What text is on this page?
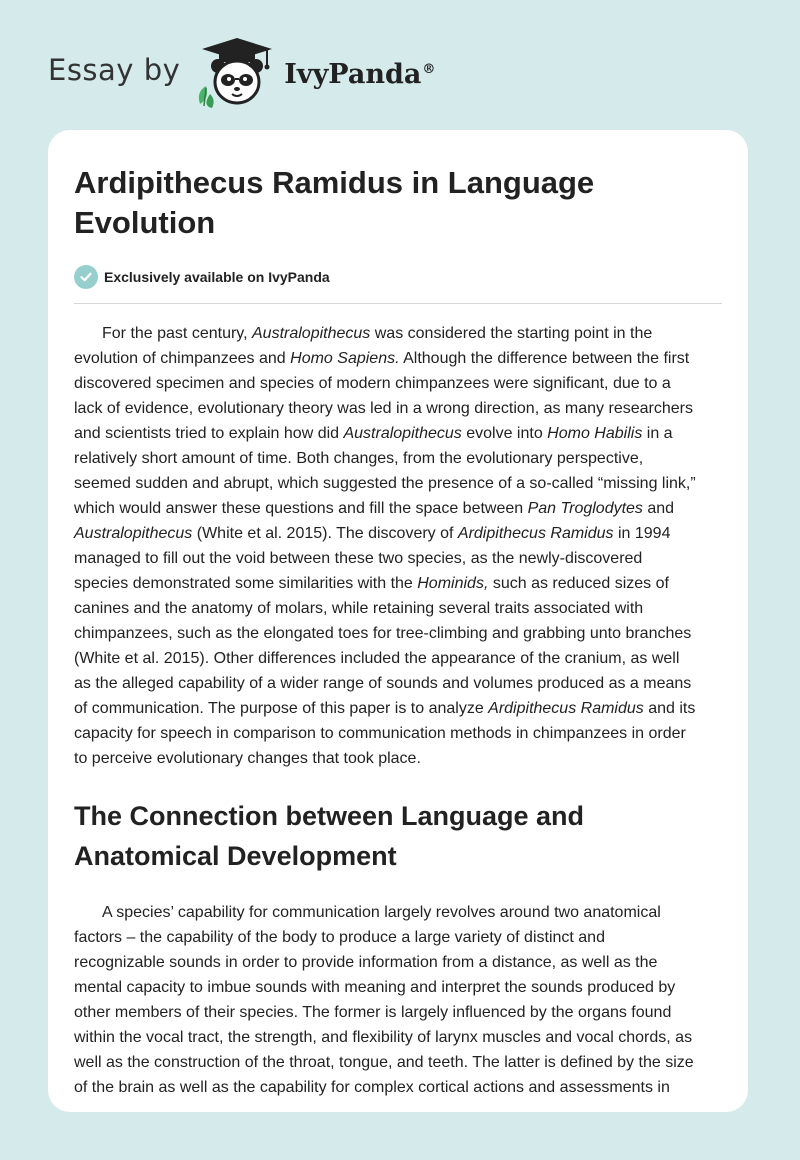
Essay by	IvyPanda®
Ardipithecus Ramidus in Language
Evolution
Exclusively available on IvyPanda

For the past century, Australopithecus was considered the starting point in the
evolution of chimpanzees and Homo Sapiens. Although the difference between the first
discovered specimen and species of modern chimpanzees were significant, due to a
lack of evidence, evolutionary theory was led in a wrong direction, as many researchers
and scientists tried to explain how did Australopithecus evolve into Homo Habilis in a
relatively short amount of time. Both changes, from the evolutionary perspective,
seemed sudden and abrupt, which suggested the presence of a so-called “missing link,”
which would answer these questions and fill the space between Pan Troglodytes and
Australopithecus (White et al. 2015). The discovery of Ardipithecus Ramidus in 1994
managed to fill out the void between these two species, as the newly-discovered
species demonstrated some similarities with the Hominids, such as reduced sizes of
canines and the anatomy of molars, while retaining several traits associated with
chimpanzees, such as the elongated toes for tree-climbing and grabbing unto branches
(White et al. 2015). Other differences included the appearance of the cranium, as well
as the alleged capability of a wider range of sounds and volumes produced as a means
of communication. The purpose of this paper is to analyze Ardipithecus Ramidus and its
capacity for speech in comparison to communication methods in chimpanzees in order
to perceive evolutionary changes that took place.

The Connection between Language and
Anatomical Development

A species’ capability for communication largely revolves around two anatomical
factors – the capability of the body to produce a large variety of distinct and
recognizable sounds in order to provide information from a distance, as well as the
mental capacity to imbue sounds with meaning and interpret the sounds produced by
other members of their species. The former is largely influenced by the organs found
within the vocal tract, the strength, and flexibility of larynx muscles and vocal chords, as
well as the construction of the throat, tongue, and teeth. The latter is defined by the size
of the brain as well as the capability for complex cortical actions and assessments in
